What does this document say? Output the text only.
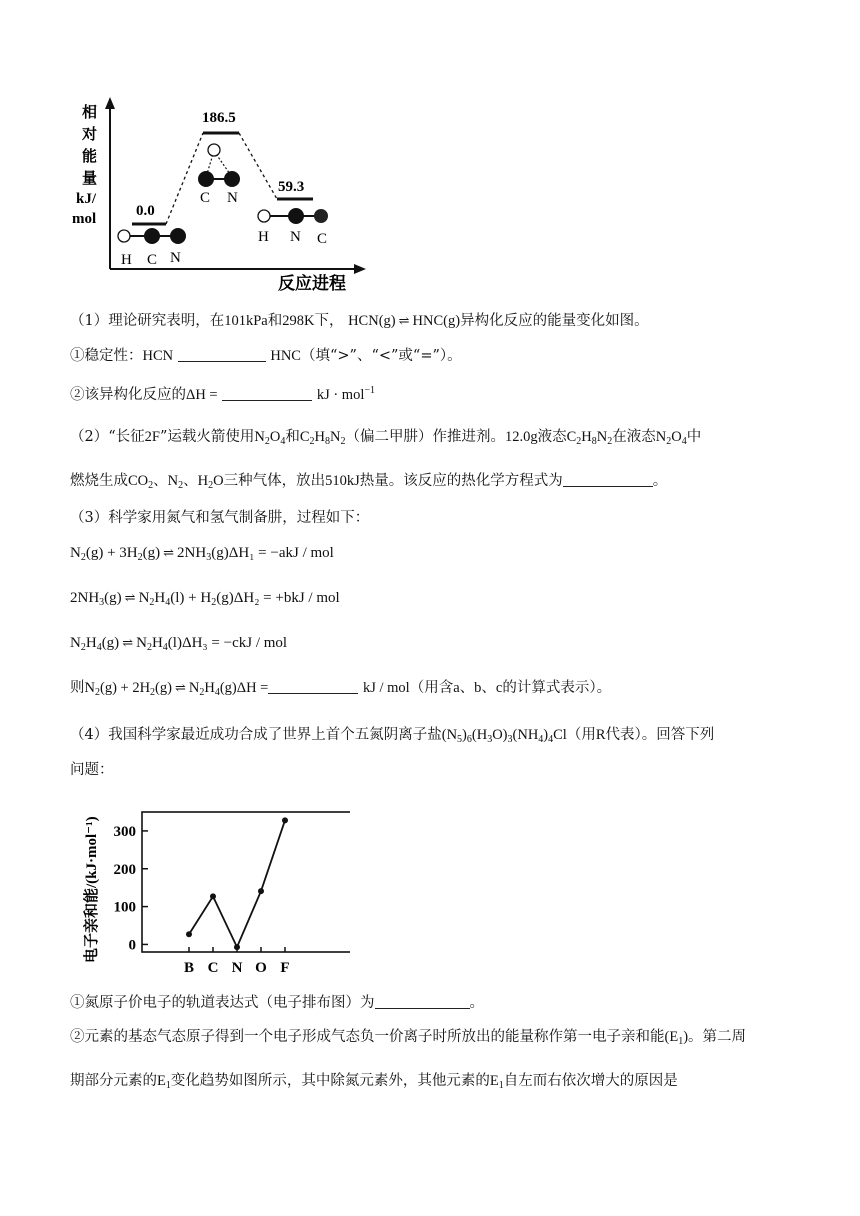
相
对
能
量
kJ/
mol
反应进程
0.0
186.5
59.3
H C N
C N
H N C
（1）理论研究表明，在101kPa和298K下， HCN(g) ⇌ HNC(g)异构化反应的能量变化如图。
①稳定性：HCN	HNC（填“>”、“<”或“=”）。
②该异构化反应的ΔH =	kJ · mol$^{-1}$
（2）“长征2F”运载火箭使用$N_2O_4$和$C_2H_8N_2$（偏二甲肼）作推进剂。12.0g液态$C_2H_8N_2$在液态$N_2O_4$中
燃烧生成$CO_2$、$N_2$、$H_2O$三种气体，放出510kJ热量。该反应的热化学方程式为	。
（3）科学家用氮气和氢气制备肼，过程如下：
$N_2(g) + 3H_2(g)$ ⇌ $2NH_3(g)\Delta H_1 = -akJ$ / mol
$2NH_3(g)$ ⇌ $N_2H_4(l) + H_2(g)\Delta H_2 = +bkJ$ / mol
$N_2H_4(g)$ ⇌ $N_2H_4(l)\Delta H_3 = -ckJ$ / mol
则$N_2(g) + 2H_2(g)$ ⇌ $N_2H_4(g)\Delta H$ =	kJ / mol（用含a、b、c的计算式表示）。
（4）我国科学家最近成功合成了世界上首个五氮阴离子盐$(N_5)_6(H_3O)_3(NH_4)_4Cl$（用R代表）。回答下列
问题：
电子亲和能/(kJ·mol⁻¹) 0
100
200
300
B C N O F
①氮原子价电子的轨道表达式（电子排布图）为	。
②元素的基态气态原子得到一个电子形成气态负一价离子时所放出的能量称作第一电子亲和能$(E_1)$。第二周
期部分元素的$E_1$变化趋势如图所示，其中除氮元素外，其他元素的$E_1$自左而右依次增大的原因是
